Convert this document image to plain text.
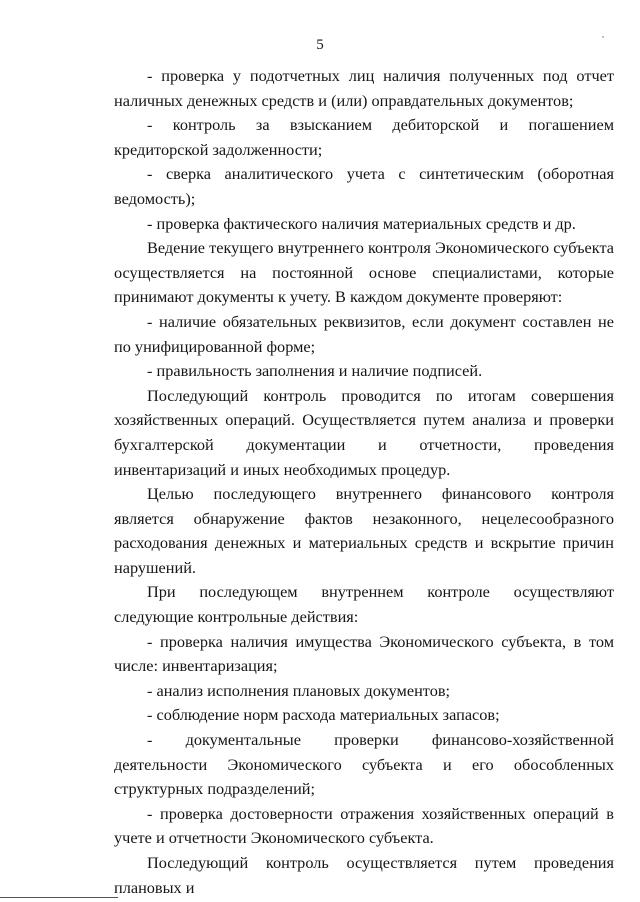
5

- проверка у подотчетных лиц наличия полученных под отчет наличных денежных средств и (или) оправдательных документов;

- контроль за взысканием дебиторской и погашением кредиторской задолженности;

- сверка аналитического учета с синтетическим (оборотная ведомость);

- проверка фактического наличия материальных средств и др.

Ведение текущего внутреннего контроля Экономического субъекта осуществляется на постоянной основе специалистами, которые принимают документы к учету. В каждом документе проверяют:

- наличие обязательных реквизитов, если документ составлен не по унифицированной форме;

- правильность заполнения и наличие подписей.

Последующий контроль проводится по итогам совершения хозяйственных операций. Осуществляется путем анализа и проверки бухгалтерской документации и отчетности, проведения инвентаризаций и иных необходимых процедур.

Целью последующего внутреннего финансового контроля является обнаружение фактов незаконного, нецелесообразного расходования денежных и материальных средств и вскрытие причин нарушений.

При последующем внутреннем контроле осуществляют следующие контрольные действия:

- проверка наличия имущества Экономического субъекта, в том числе: инвентаризация;

- анализ исполнения плановых документов;

- соблюдение норм расхода материальных запасов;

- документальные проверки финансово-хозяйственной деятельности Экономического субъекта и его обособленных структурных подразделений;

- проверка достоверности отражения хозяйственных операций в учете и отчетности Экономического субъекта.

Последующий контроль осуществляется путем проведения плановых и
